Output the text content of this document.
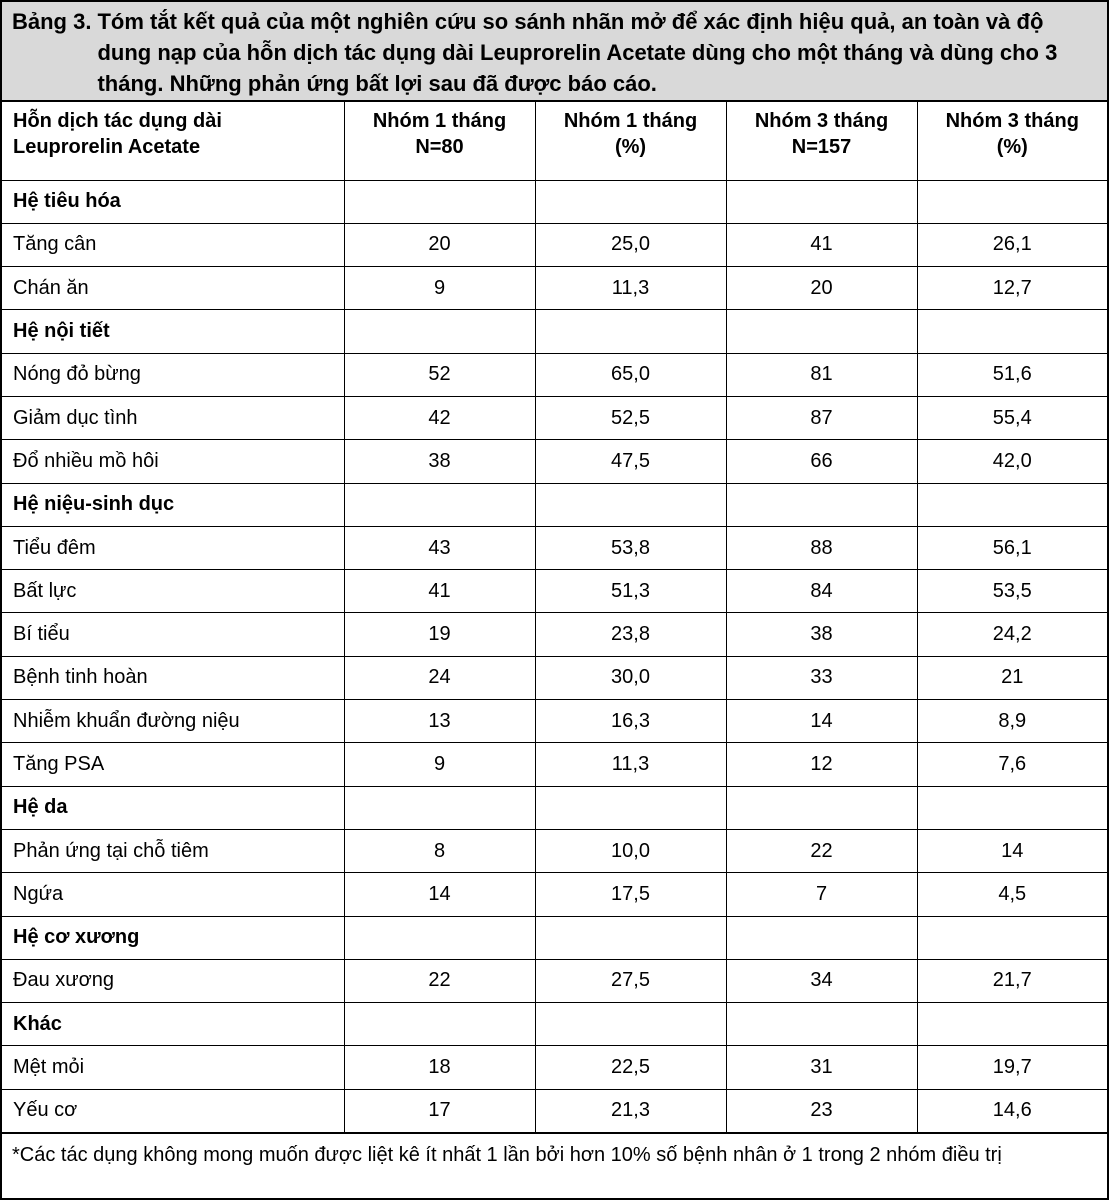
Bảng 3. Tóm tắt kết quả của một nghiên cứu so sánh nhãn mở để xác định hiệu quả, an toàn và độ dung nạp của hỗn dịch tác dụng dài Leuprorelin Acetate dùng cho một tháng và dùng cho 3 tháng. Những phản ứng bất lợi sau đã được báo cáo.
Hỗn dịch tác dụng dài Leuprorelin Acetate	Nhóm 1 tháng N=80	Nhóm 1 tháng (%)	Nhóm 3 tháng N=157	Nhóm 3 tháng (%)
Hệ tiêu hóa				
Tăng cân	20	25,0	41	26,1
Chán ăn	9	11,3	20	12,7
Hệ nội tiết				
Nóng đỏ bừng	52	65,0	81	51,6
Giảm dục tình	42	52,5	87	55,4
Đổ nhiều mồ hôi	38	47,5	66	42,0
Hệ niệu-sinh dục				
Tiểu đêm	43	53,8	88	56,1
Bất lực	41	51,3	84	53,5
Bí tiểu	19	23,8	38	24,2
Bệnh tinh hoàn	24	30,0	33	21
Nhiễm khuẩn đường niệu	13	16,3	14	8,9
Tăng PSA	9	11,3	12	7,6
Hệ da				
Phản ứng tại chỗ tiêm	8	10,0	22	14
Ngứa	14	17,5	7	4,5
Hệ cơ xương				
Đau xương	22	27,5	34	21,7
Khác				
Mệt mỏi	18	22,5	31	19,7
Yếu cơ	17	21,3	23	14,6
*Các tác dụng không mong muốn được liệt kê ít nhất 1 lần bởi hơn 10% số bệnh nhân ở 1 trong 2 nhóm điều trị
